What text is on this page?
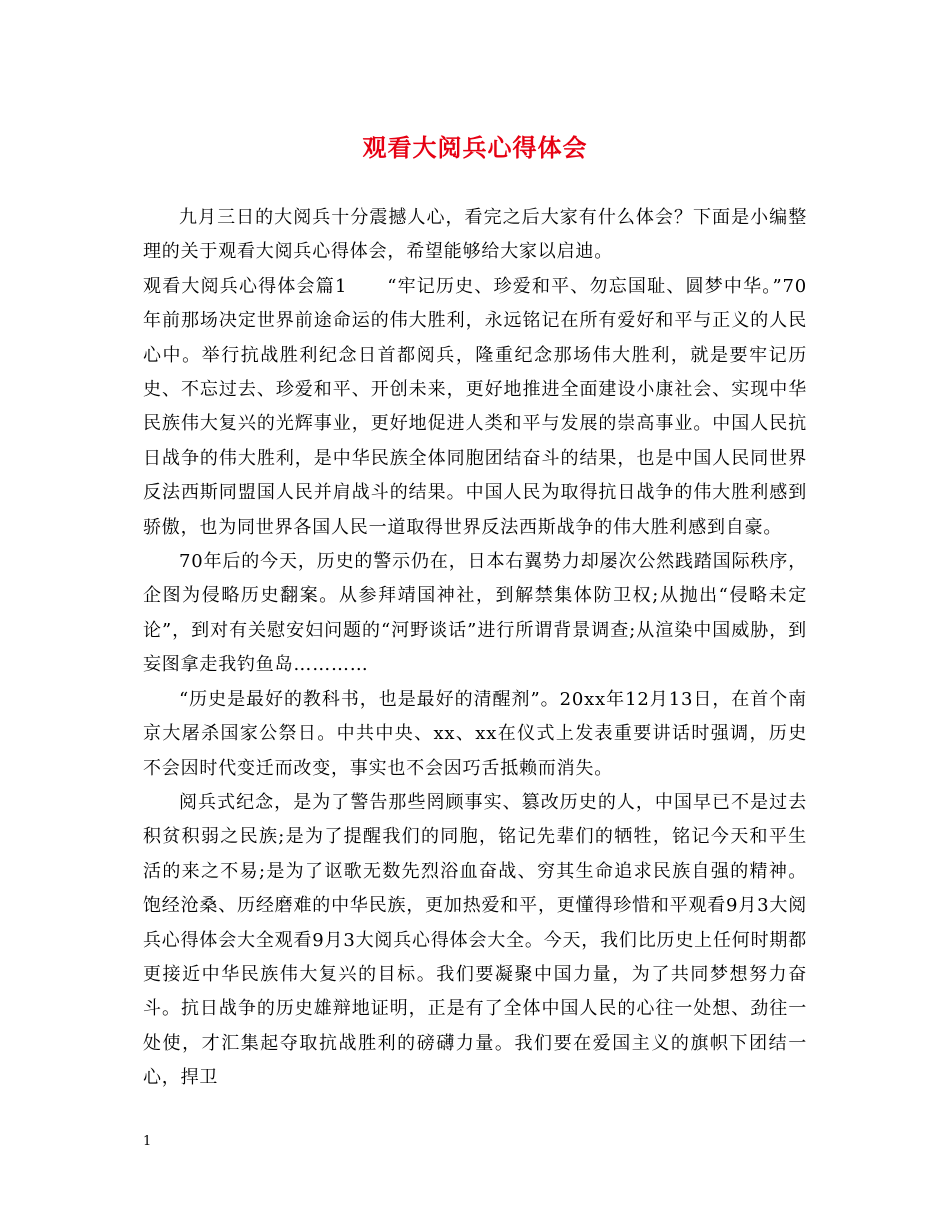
观看大阅兵心得体会

九月三日的大阅兵十分震撼人心，看完之后大家有什么体会？下面是小编整理的关于观看大阅兵心得体会，希望能够给大家以启迪。

观看大阅兵心得体会篇1 “牢记历史、珍爱和平、勿忘国耻、圆梦中华。”70年前那场决定世界前途命运的伟大胜利，永远铭记在所有爱好和平与正义的人民心中。举行抗战胜利纪念日首都阅兵，隆重纪念那场伟大胜利，就是要牢记历史、不忘过去、珍爱和平、开创未来，更好地推进全面建设小康社会、实现中华民族伟大复兴的光辉事业，更好地促进人类和平与发展的崇高事业。中国人民抗日战争的伟大胜利，是中华民族全体同胞团结奋斗的结果，也是中国人民同世界反法西斯同盟国人民并肩战斗的结果。中国人民为取得抗日战争的伟大胜利感到骄傲，也为同世界各国人民一道取得世界反法西斯战争的伟大胜利感到自豪。

70年后的今天，历史的警示仍在，日本右翼势力却屡次公然践踏国际秩序，企图为侵略历史翻案。从参拜靖国神社，到解禁集体防卫权;从抛出“侵略未定论”，到对有关慰安妇问题的“河野谈话”进行所谓背景调查;从渲染中国威胁，到妄图拿走我钓鱼岛…………

“历史是最好的教科书，也是最好的清醒剂”。20xx年12月13日，在首个南京大屠杀国家公祭日。中共中央、xx、xx在仪式上发表重要讲话时强调，历史不会因时代变迁而改变，事实也不会因巧舌抵赖而消失。

阅兵式纪念，是为了警告那些罔顾事实、篡改历史的人，中国早已不是过去积贫积弱之民族;是为了提醒我们的同胞，铭记先辈们的牺牲，铭记今天和平生活的来之不易;是为了讴歌无数先烈浴血奋战、穷其生命追求民族自强的精神。饱经沧桑、历经磨难的中华民族，更加热爱和平，更懂得珍惜和平观看9月3大阅兵心得体会大全观看9月3大阅兵心得体会大全。今天，我们比历史上任何时期都更接近中华民族伟大复兴的目标。我们要凝聚中国力量，为了共同梦想努力奋斗。抗日战争的历史雄辩地证明，正是有了全体中国人民的心往一处想、劲往一处使，才汇集起夺取抗战胜利的磅礴力量。我们要在爱国主义的旗帜下团结一心，捍卫

1
